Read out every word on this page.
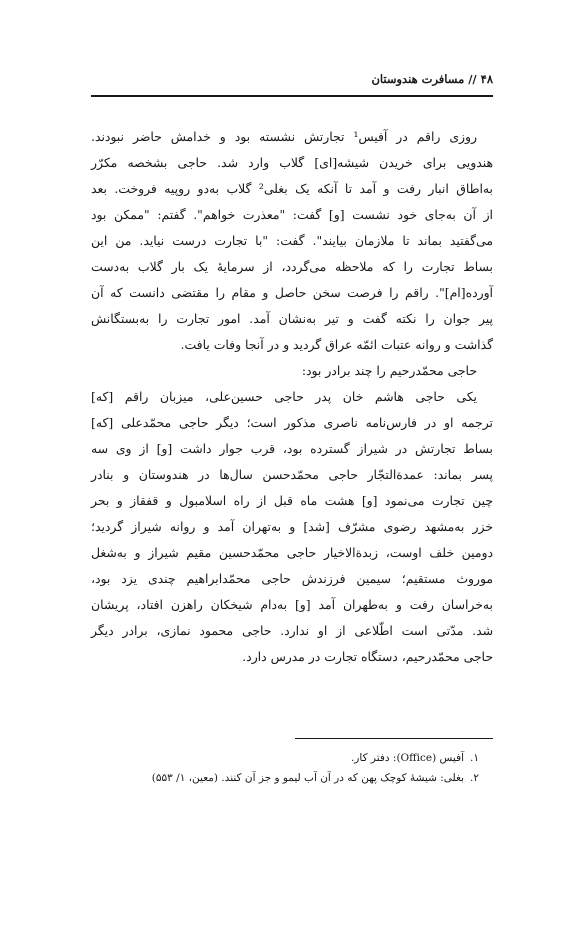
۴۸ // مسافرت هندوستان
روزی راقم در آفیس¹ تجارتش نشسته بود و خدامش حاضر نبودند.
هندویی برای خریدن شیشه[ای] گلاب وارد شد. حاجی بشخصه مکرّر
به‌اطاق انبار رفت و آمد تا آنکه یک بغلی² گلاب به‌دو روپیه فروخت. بعد
از آن به‌جای خود نشست [و] گفت: "معذرت خواهم". گفتم: "ممکن بود
می‌گفتید بماند تا ملازمان بیایند". گفت: "با تجارت درست نیاید. من این
بساط تجارت را که ملاحظه می‌گردد، از سرمایهٔ یک بار گلاب به‌دست
آورده[ام]". راقم را فرصت سخن حاصل و مقام را مقتضی دانست که آن
پیر جوان را نکته گفت و تیر به‌نشان آمد. امور تجارت را به‌بستگانش
گذاشت و روانه عتبات ائمّه عراق گردید و در آنجا وفات یافت.
حاجی محمّدرحیم را چند برادر بود:
یکی حاجی هاشم خان پدر حاجی حسین‌علی، میزبان راقم [که]
ترجمه او در فارس‌نامه ناصری مذکور است؛ دیگر حاجی محمّدعلی [که]
بساط تجارتش در شیراز گسترده بود، قرب جوار داشت [و] از وی سه
پسر بماند: عمدةالتجّار حاجی محمّدحسن سال‌ها در هندوستان و بنادر
چین تجارت می‌نمود [و] هشت ماه قبل از راه اسلامبول و قفقاز و بحر
خزر به‌مشهد رضوی مشرّف [شد] و به‌تهران آمد و روانه شیراز گردید؛
دومین خلف اوست، زبدةالاخیار حاجی محمّدحسین مقیم شیراز و به‌شغل
موروث مستقیم؛ سیمین فرزندش حاجی محمّدابراهیم چندی یزد بود،
به‌خراسان رفت و به‌طهران آمد [و] به‌دام شیخکان راهزن افتاد، پریشان
شد. مدّتی است اطّلاعی از او ندارد. حاجی محمود نمازی، برادر دیگر
حاجی محمّدرحیم، دستگاه تجارت در مدرس دارد.
۱.آفیس (Office): دفتر کار.
۲.بغلی: شیشهٔ کوچک پهن که در آن آب لیمو و جز آن کنند. (معین، ۱/ ۵۵۳)
